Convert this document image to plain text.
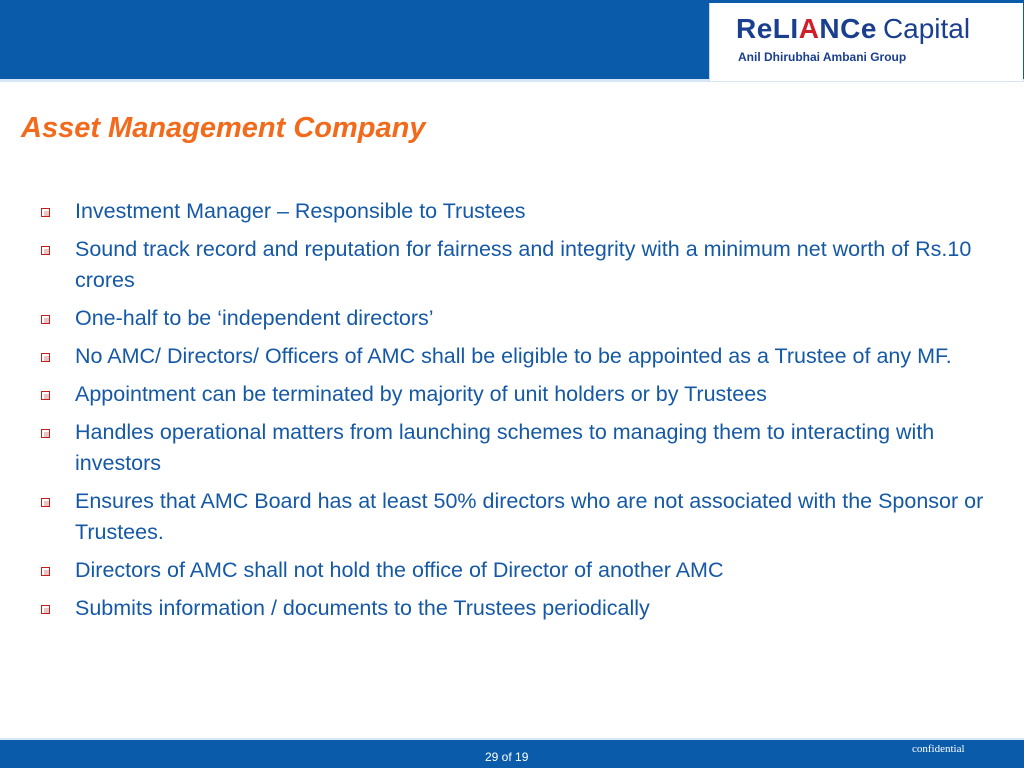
ReLIANCe Capital
Anil Dhirubhai Ambani Group
Asset Management Company
Investment Manager – Responsible to Trustees
Sound track record and reputation for fairness and integrity with a minimum net worth of Rs.10 crores
One-half to be ‘independent directors’
No AMC/ Directors/ Officers of AMC shall be eligible to be appointed as a Trustee of any MF.
Appointment can be terminated by majority of unit holders or by Trustees
Handles operational matters from launching schemes to managing them to interacting with investors
Ensures that AMC Board has at least 50% directors who are not associated with the Sponsor or Trustees.
Directors of AMC shall not hold the office of Director of another AMC
Submits information / documents to the Trustees periodically
29 of 19
confidential
